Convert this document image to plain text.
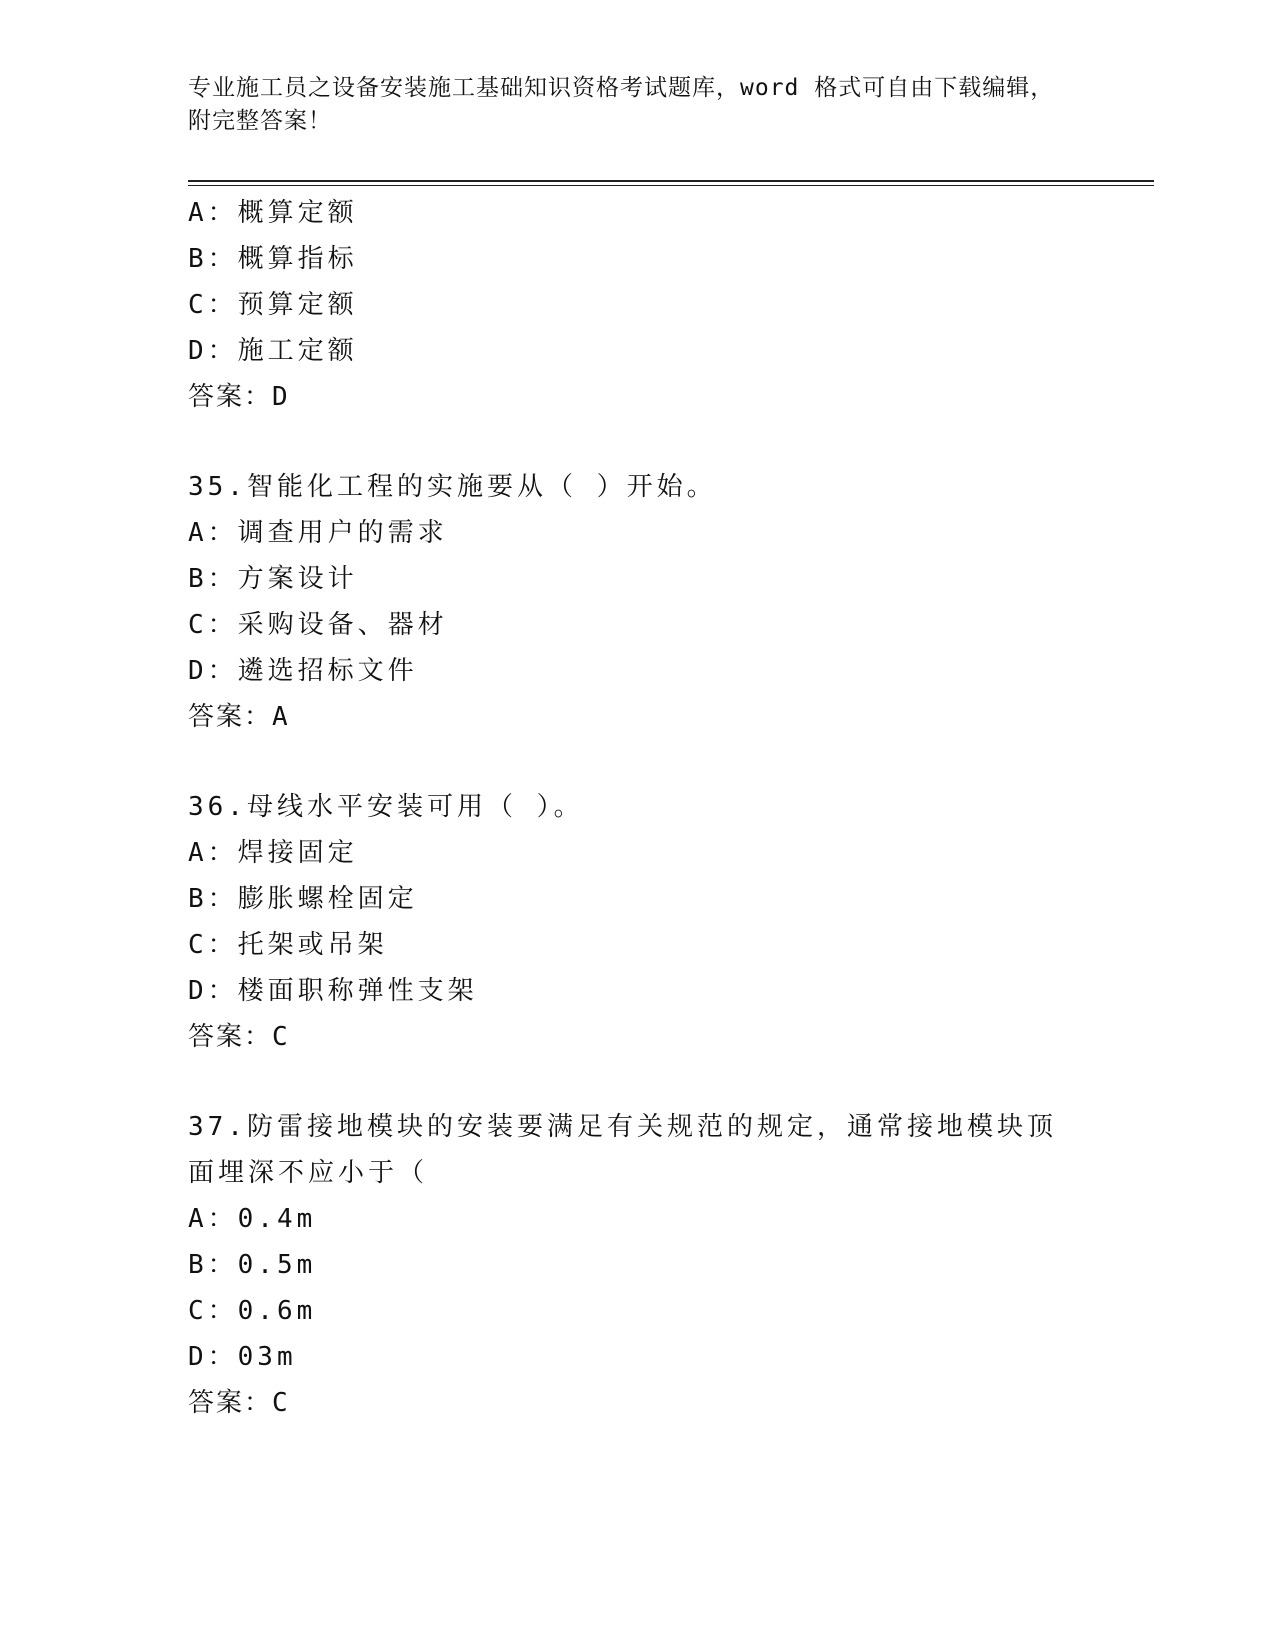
专业施工员之设备安装施工基础知识资格考试题库，word 格式可自由下载编辑，
附完整答案！
A：概算定额
B：概算指标
C：预算定额
D：施工定额
答案：D
35.智能化工程的实施要从（ ）开始。
A：调查用户的需求
B：方案设计
C：采购设备、器材
D：遴选招标文件
答案：A
36.母线水平安装可用（ ）。
A：焊接固定
B：膨胀螺栓固定
C：托架或吊架
D：楼面职称弹性支架
答案：C
37.防雷接地模块的安装要满足有关规范的规定，通常接地模块顶面埋深不应小于（
A：0.4m
B：0.5m
C：0.6m
D：03m
答案：C
